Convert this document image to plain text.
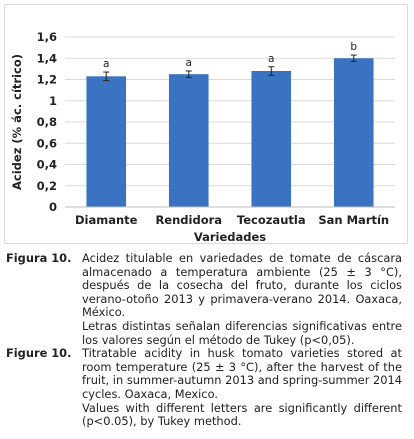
0
0,2
0,4
0,6
0,8
1
1,2
1,4
1,6
a	a	a
b
Diamante Rendidora Tecozautla San Martín
Variedades
Acidez (% ác. cítrico)
Figura 10. Acidez titulable en variedades de tomate de cáscara almacenado a temperatura ambiente (25 ± 3 °C), después de la cosecha del fruto, durante los ciclos verano-otoño 2013 y primavera-verano 2014. Oaxaca, México.

Letras distintas señalan diferencias significativas entre los valores según el método de Tukey (p<0,05).

Figure 10. Titratable acidity in husk tomato varieties stored at room temperature (25 ± 3 °C), after the harvest of the fruit, in summer-autumn 2013 and spring-summer 2014 cycles. Oaxaca, Mexico.

Values with different letters are significantly different (p<0.05), by Tukey method.
